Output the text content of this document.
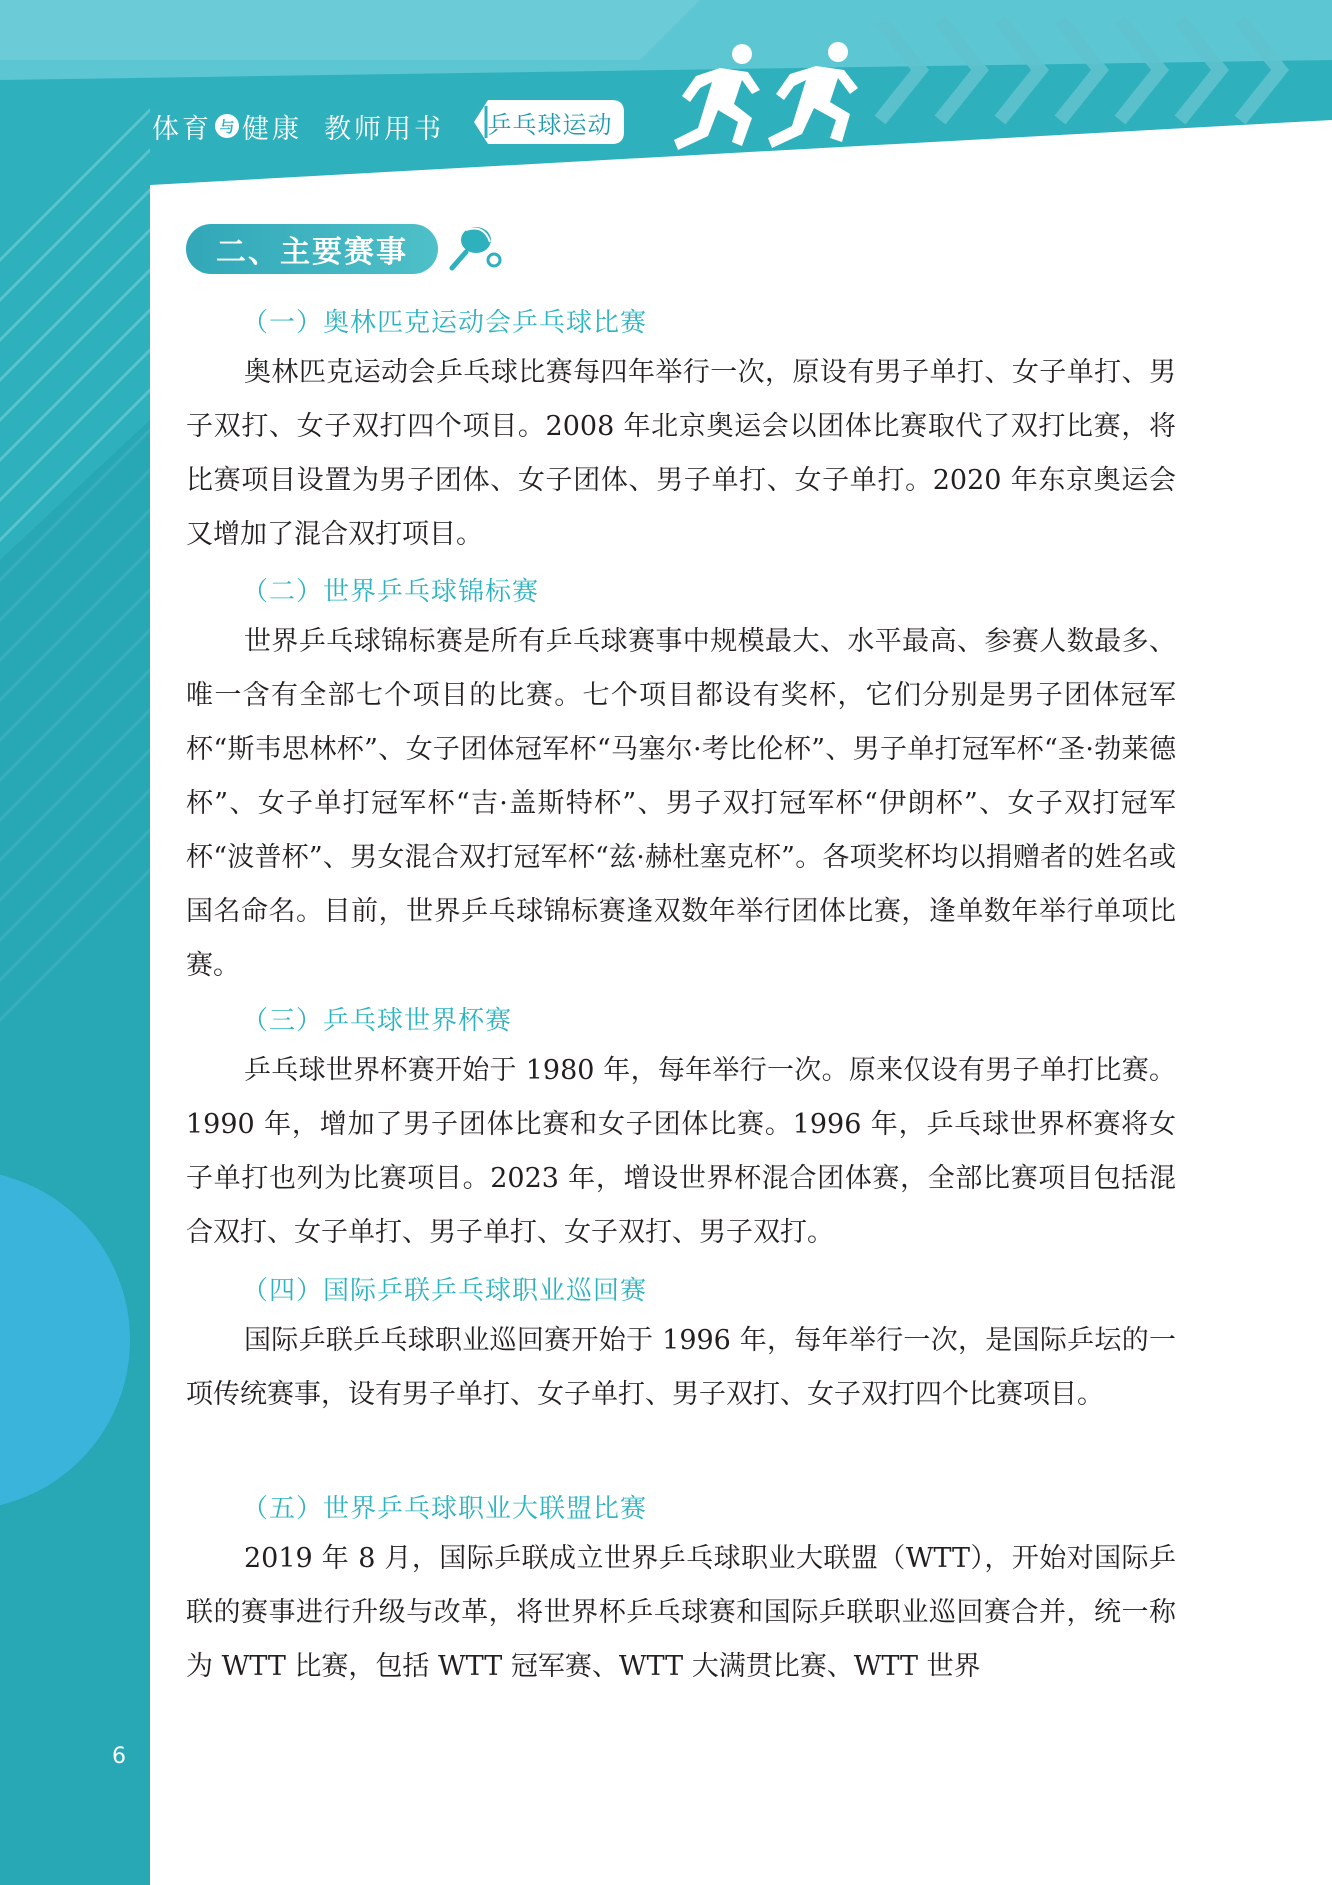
体育 与 健康 教师用书	乒乓球运动
二、主要赛事
（一）奥林匹克运动会乒乓球比赛

奥林匹克运动会乒乓球比赛每四年举行一次，原设有男子单打、女子单打、男子双打、女子双打四个项目。2008 年北京奥运会以团体比赛取代了双打比赛，将比赛项目设置为男子团体、女子团体、男子单打、女子单打。2020 年东京奥运会又增加了混合双打项目。

（二）世界乒乓球锦标赛

世界乒乓球锦标赛是所有乒乓球赛事中规模最大、水平最高、参赛人数最多、唯一含有全部七个项目的比赛。七个项目都设有奖杯，它们分别是男子团体冠军杯“斯韦思林杯”、女子团体冠军杯“马塞尔·考比伦杯”、男子单打冠军杯“圣·勃莱德杯”、女子单打冠军杯“吉·盖斯特杯”、男子双打冠军杯“伊朗杯”、女子双打冠军杯“波普杯”、男女混合双打冠军杯“兹·赫杜塞克杯”。各项奖杯均以捐赠者的姓名或国名命名。目前，世界乒乓球锦标赛逢双数年举行团体比赛，逢单数年举行单项比赛。

（三）乒乓球世界杯赛

乒乓球世界杯赛开始于 1980 年，每年举行一次。原来仅设有男子单打比赛。1990 年，增加了男子团体比赛和女子团体比赛。1996 年，乒乓球世界杯赛将女子单打也列为比赛项目。2023 年，增设世界杯混合团体赛，全部比赛项目包括混合双打、女子单打、男子单打、女子双打、男子双打。

（四）国际乒联乒乓球职业巡回赛

国际乒联乒乓球职业巡回赛开始于 1996 年，每年举行一次，是国际乒坛的一项传统赛事，设有男子单打、女子单打、男子双打、女子双打四个比赛项目。

（五）世界乒乓球职业大联盟比赛

2019 年 8 月，国际乒联成立世界乒乓球职业大联盟（WTT），开始对国际乒联的赛事进行升级与改革，将世界杯乒乓球赛和国际乒联职业巡回赛合并，统一称为 WTT 比赛，包括 WTT 冠军赛、WTT 大满贯比赛、WTT 世界

6
